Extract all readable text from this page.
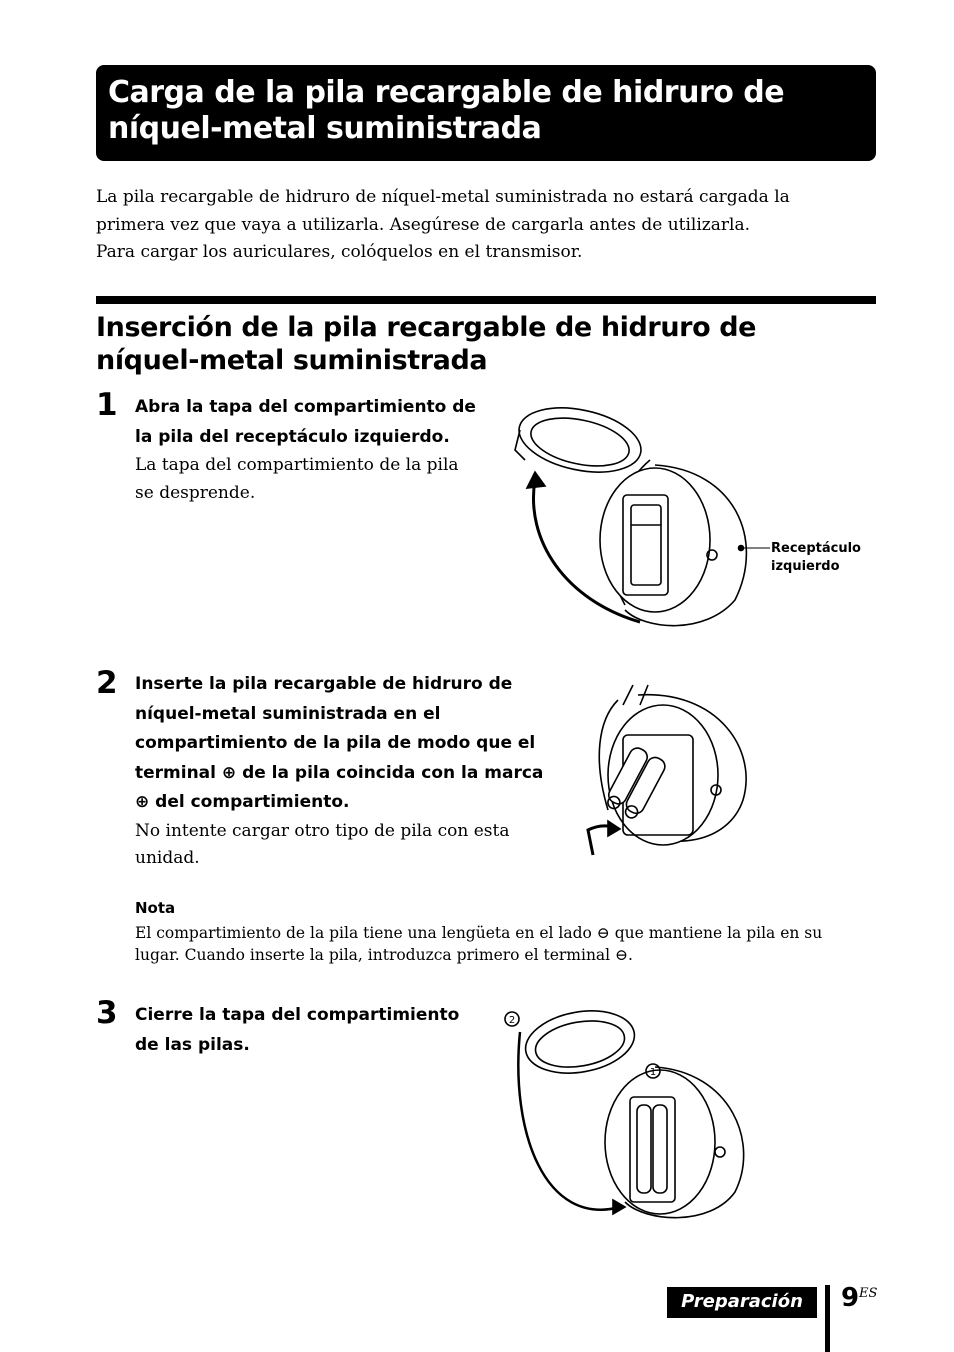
Carga de la pila recargable de hidruro de
níquel-metal suministrada
La pila recargable de hidruro de níquel-metal suministrada no estará cargada la
primera vez que vaya a utilizarla. Asegúrese de cargarla antes de utilizarla.
Para cargar los auriculares, colóquelos en el transmisor.
Inserción de la pila recargable de hidruro de
níquel-metal suministrada
1 Abra la tapa del compartimiento de
la pila del receptáculo izquierdo.
La tapa del compartimiento de la pila
se desprende.
Receptáculo
izquierdo
2 Inserte la pila recargable de hidruro de
níquel-metal suministrada en el
compartimiento de la pila de modo que el
terminal ⊕ de la pila coincida con la marca
⊕ del compartimiento.
No intente cargar otro tipo de pila con esta
unidad.
Nota
El compartimiento de la pila tiene una lengüeta en el lado ⊖ que mantiene la pila en su
lugar. Cuando inserte la pila, introduzca primero el terminal ⊖.
3 Cierre la tapa del compartimiento
de las pilas.
2
1
Preparación	9 ES
